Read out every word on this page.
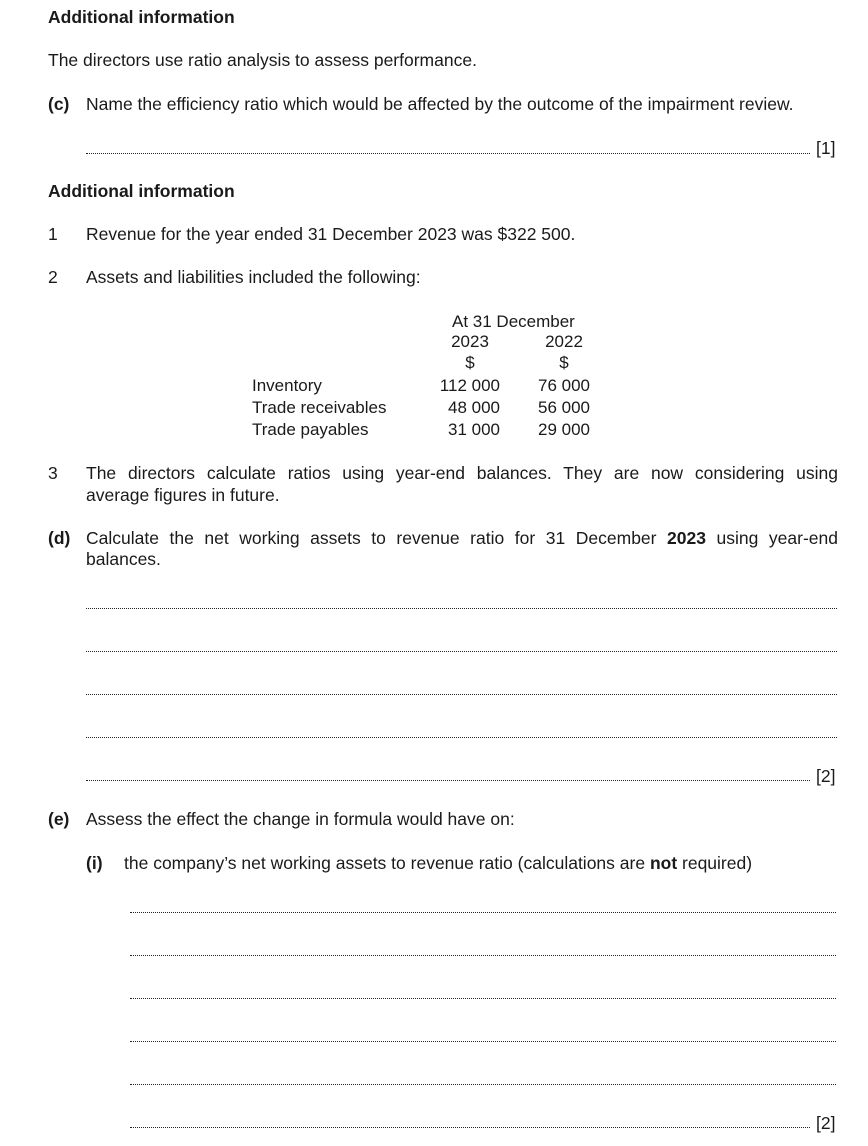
Additional information
The directors use ratio analysis to assess performance.
(c) Name the efficiency ratio which would be affected by the outcome of the impairment review.
[1]
Additional information
1 Revenue for the year ended 31 December 2023 was $322 500.
2 Assets and liabilities included the following:
At 31 December
2023	2022
$	$
Inventory	112 000	76 000
Trade receivables	48 000	56 000
Trade payables	31 000	29 000
3 The directors calculate ratios using year-end balances. They are now considering using
average figures in future.
(d) Calculate the net working assets to revenue ratio for 31 December 2023 using year-end
balances.
[2]
(e) Assess the effect the change in formula would have on:
(i) the company’s net working assets to revenue ratio (calculations are not required)
[2]
